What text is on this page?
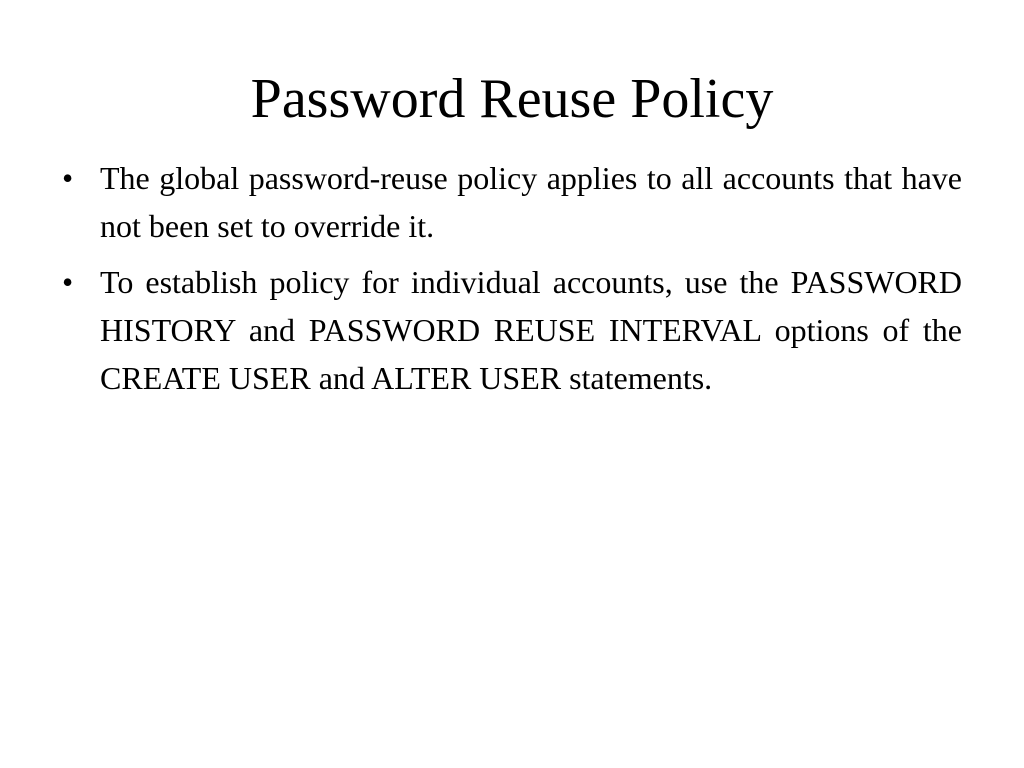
Password Reuse Policy
• The global password-reuse policy applies to all accounts that have not been set to override it.
• To establish policy for individual accounts, use the PASSWORD HISTORY and PASSWORD REUSE INTERVAL options of the CREATE USER and ALTER USER statements.
